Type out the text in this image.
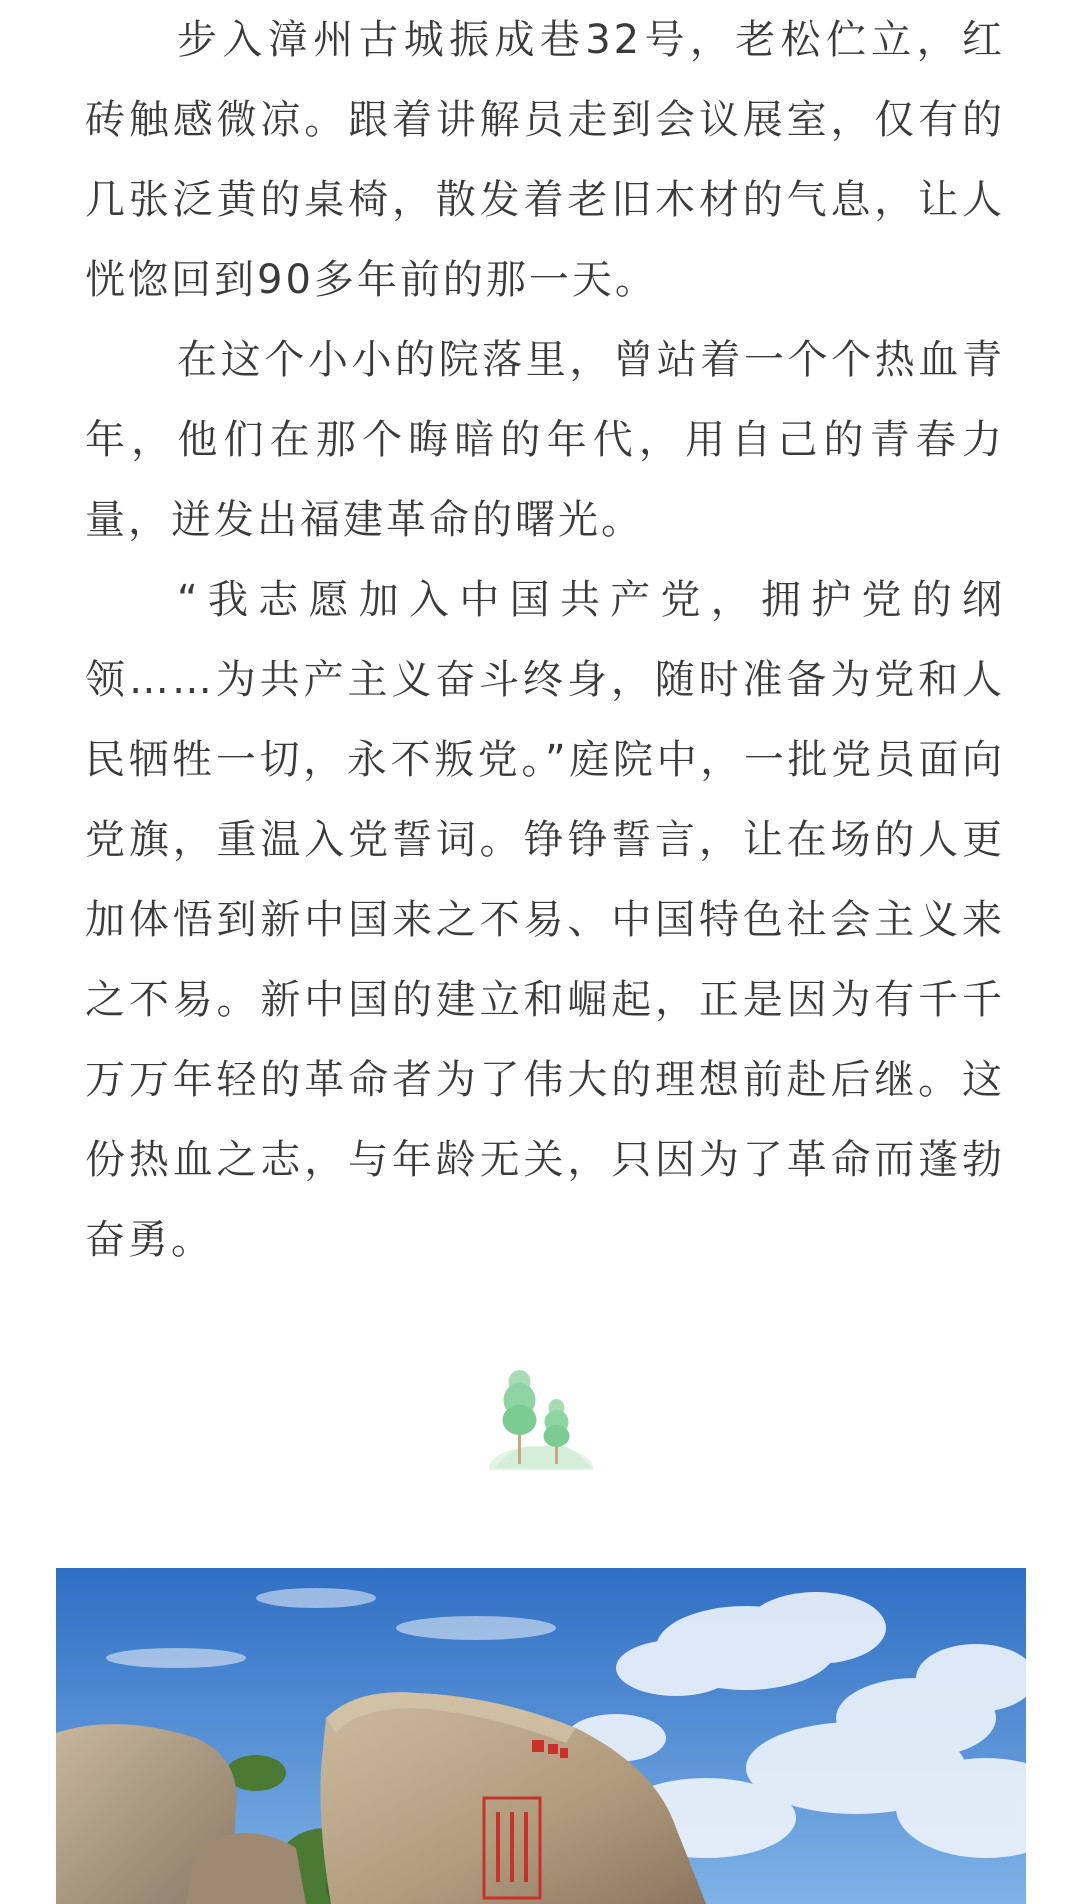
步入漳州古城振成巷32号，老松伫立，红砖触感微凉。跟着讲解员走到会议展室，仅有的几张泛黄的桌椅，散发着老旧木材的气息，让人恍惚回到90多年前的那一天。

在这个小小的院落里，曾站着一个个热血青年，他们在那个晦暗的年代，用自己的青春力量，迸发出福建革命的曙光。

“我志愿加入中国共产党，拥护党的纲领……为共产主义奋斗终身，随时准备为党和人民牺牲一切，永不叛党。”庭院中，一批党员面向党旗，重温入党誓词。铮铮誓言，让在场的人更加体悟到新中国来之不易、中国特色社会主义来之不易。新中国的建立和崛起，正是因为有千千万万年轻的革命者为了伟大的理想前赴后继。这份热血之志，与年龄无关，只因为了革命而蓬勃奋勇。
